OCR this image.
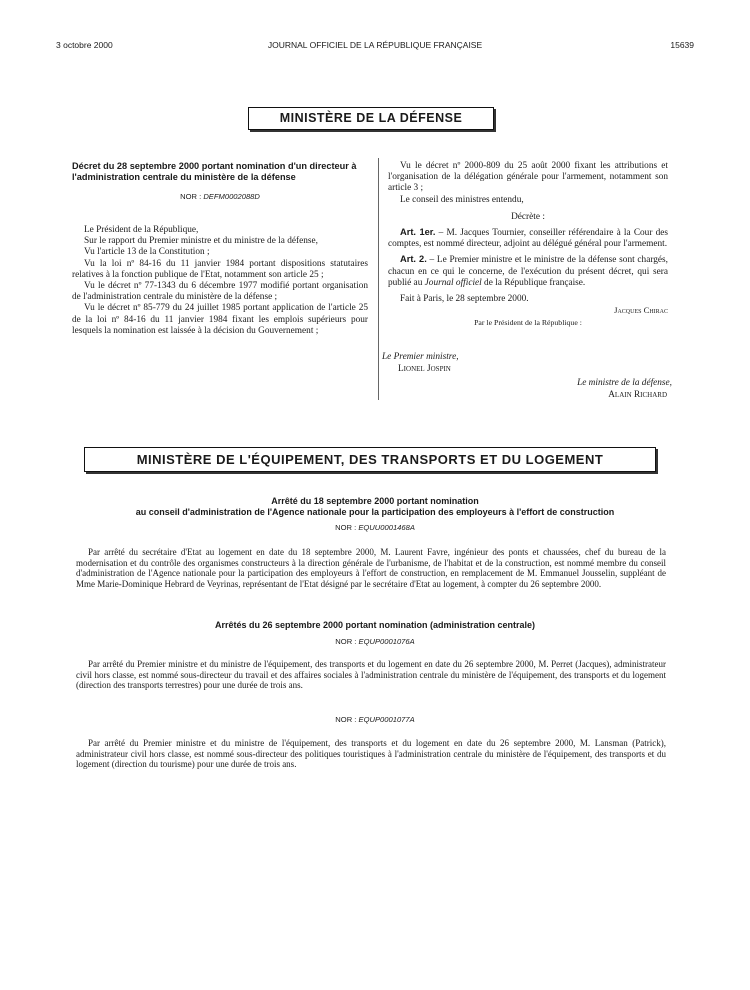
3 octobre 2000	JOURNAL OFFICIEL DE LA RÉPUBLIQUE FRANÇAISE	15639
MINISTÈRE DE LA DÉFENSE
Décret du 28 septembre 2000 portant nomination d'un directeur à l'administration centrale du ministère de la défense
NOR : DEFM0002088D

Le Président de la République,

Sur le rapport du Premier ministre et du ministre de la défense,

Vu l'article 13 de la Constitution ;

Vu la loi nº 84-16 du 11 janvier 1984 portant dispositions statutaires relatives à la fonction publique de l'Etat, notamment son article 25 ;

Vu le décret nº 77-1343 du 6 décembre 1977 modifié portant organisation de l'administration centrale du ministère de la défense ;

Vu le décret nº 85-779 du 24 juillet 1985 portant application de l'article 25 de la loi nº 84-16 du 11 janvier 1984 fixant les emplois supérieurs pour lesquels la nomination est laissée à la décision du Gouvernement ;

Vu le décret nº 2000-809 du 25 août 2000 fixant les attributions et l'organisation de la délégation générale pour l'armement, notamment son article 3 ;

Le conseil des ministres entendu,

Décrète :

Art. 1er. – M. Jacques Tournier, conseiller référendaire à la Cour des comptes, est nommé directeur, adjoint au délégué général pour l'armement.

Art. 2. – Le Premier ministre et le ministre de la défense sont chargés, chacun en ce qui le concerne, de l'exécution du présent décret, qui sera publié au Journal officiel de la République française.

Fait à Paris, le 28 septembre 2000.

Jacques Chirac
Par le Président de la République :
Le Premier ministre,
Lionel Jospin
Le ministre de la défense,
Alain Richard
MINISTÈRE DE L'ÉQUIPEMENT, DES TRANSPORTS ET DU LOGEMENT
Arrêté du 18 septembre 2000 portant nomination
au conseil d'administration de l'Agence nationale pour la participation des employeurs à l'effort de construction
NOR : EQUU0001468A
Par arrêté du secrétaire d'Etat au logement en date du 18 septembre 2000, M. Laurent Favre, ingénieur des ponts et chaussées, chef du bureau de la modernisation et du contrôle des organismes constructeurs à la direction générale de l'urbanisme, de l'habitat et de la construction, est nommé membre du conseil d'administration de l'Agence nationale pour la participation des employeurs à l'effort de construction, en remplacement de M. Emmanuel Jousselin, suppléant de Mme Marie-Dominique Hebrard de Veyrinas, représentant de l'Etat désigné par le secrétaire d'Etat au logement, à compter du 26 septembre 2000.
Arrêtés du 26 septembre 2000 portant nomination (administration centrale)
NOR : EQUP0001076A
Par arrêté du Premier ministre et du ministre de l'équipement, des transports et du logement en date du 26 septembre 2000, M. Perret (Jacques), administrateur civil hors classe, est nommé sous-directeur du travail et des affaires sociales à l'administration centrale du ministère de l'équipement, des transports et du logement (direction des transports terrestres) pour une durée de trois ans.
NOR : EQUP0001077A
Par arrêté du Premier ministre et du ministre de l'équipement, des transports et du logement en date du 26 septembre 2000, M. Lansman (Patrick), administrateur civil hors classe, est nommé sous-directeur des politiques touristiques à l'administration centrale du ministère de l'équipement, des transports et du logement (direction du tourisme) pour une durée de trois ans.
